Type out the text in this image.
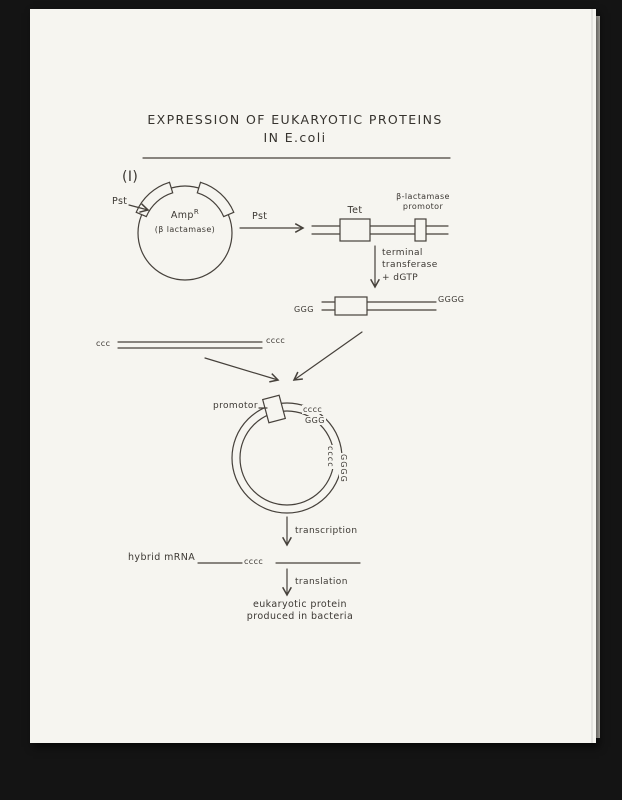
EXPRESSION OF EUKARYOTIC PROTEINS
IN E.coli
(I)
Pst
Amp$^R$
(β lactamase)
Pst
Tet
β-lactamase
promotor
terminal
transferase
+ dGTP
GGG
GGGG
ccc	cccc
promotor	cccc
GGG
cccc GGGG
transcription
hybrid mRNA	cccc
translation
eukaryotic protein
produced in bacteria
